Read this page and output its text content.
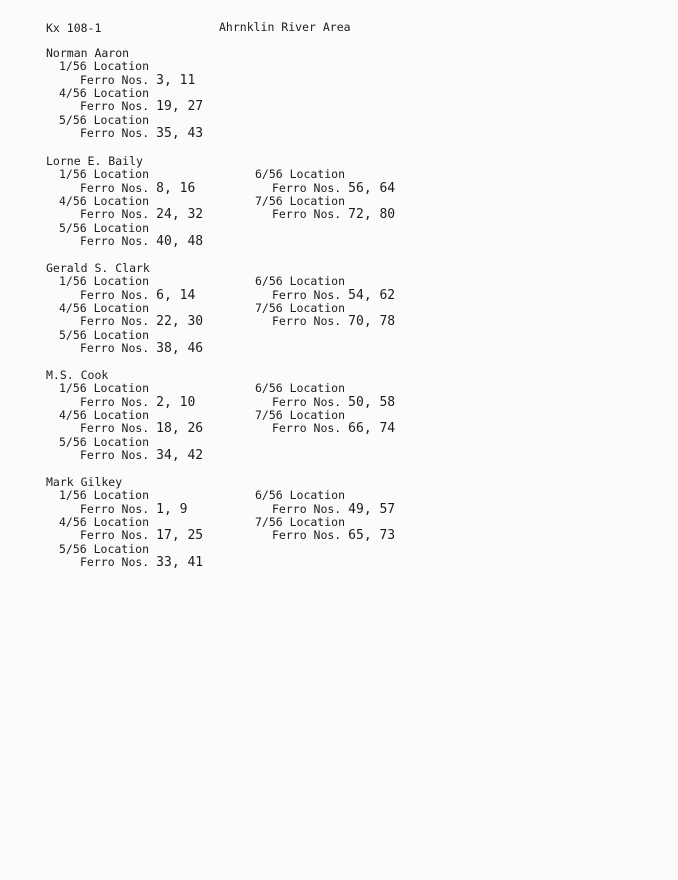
Kx 108-1	Ahrnklin River Area
Norman Aaron
1/56 Location
Ferro Nos. 3, 11
4/56 Location
Ferro Nos. 19, 27
5/56 Location
Ferro Nos. 35, 43
Lorne E. Baily
1/56 Location
Ferro Nos. 8, 16
4/56 Location
Ferro Nos. 24, 32
5/56 Location
Ferro Nos. 40, 48
6/56 Location
Ferro Nos. 56, 64
7/56 Location
Ferro Nos. 72, 80
Gerald S. Clark
1/56 Location
Ferro Nos. 6, 14
4/56 Location
Ferro Nos. 22, 30
5/56 Location
Ferro Nos. 38, 46
6/56 Location
Ferro Nos. 54, 62
7/56 Location
Ferro Nos. 70, 78
M.S. Cook
1/56 Location
Ferro Nos. 2, 10
4/56 Location
Ferro Nos. 18, 26
5/56 Location
Ferro Nos. 34, 42
6/56 Location
Ferro Nos. 50, 58
7/56 Location
Ferro Nos. 66, 74
Mark Gilkey
1/56 Location
Ferro Nos. 1, 9
4/56 Location
Ferro Nos. 17, 25
5/56 Location
Ferro Nos. 33, 41
6/56 Location
Ferro Nos. 49, 57
7/56 Location
Ferro Nos. 65, 73
